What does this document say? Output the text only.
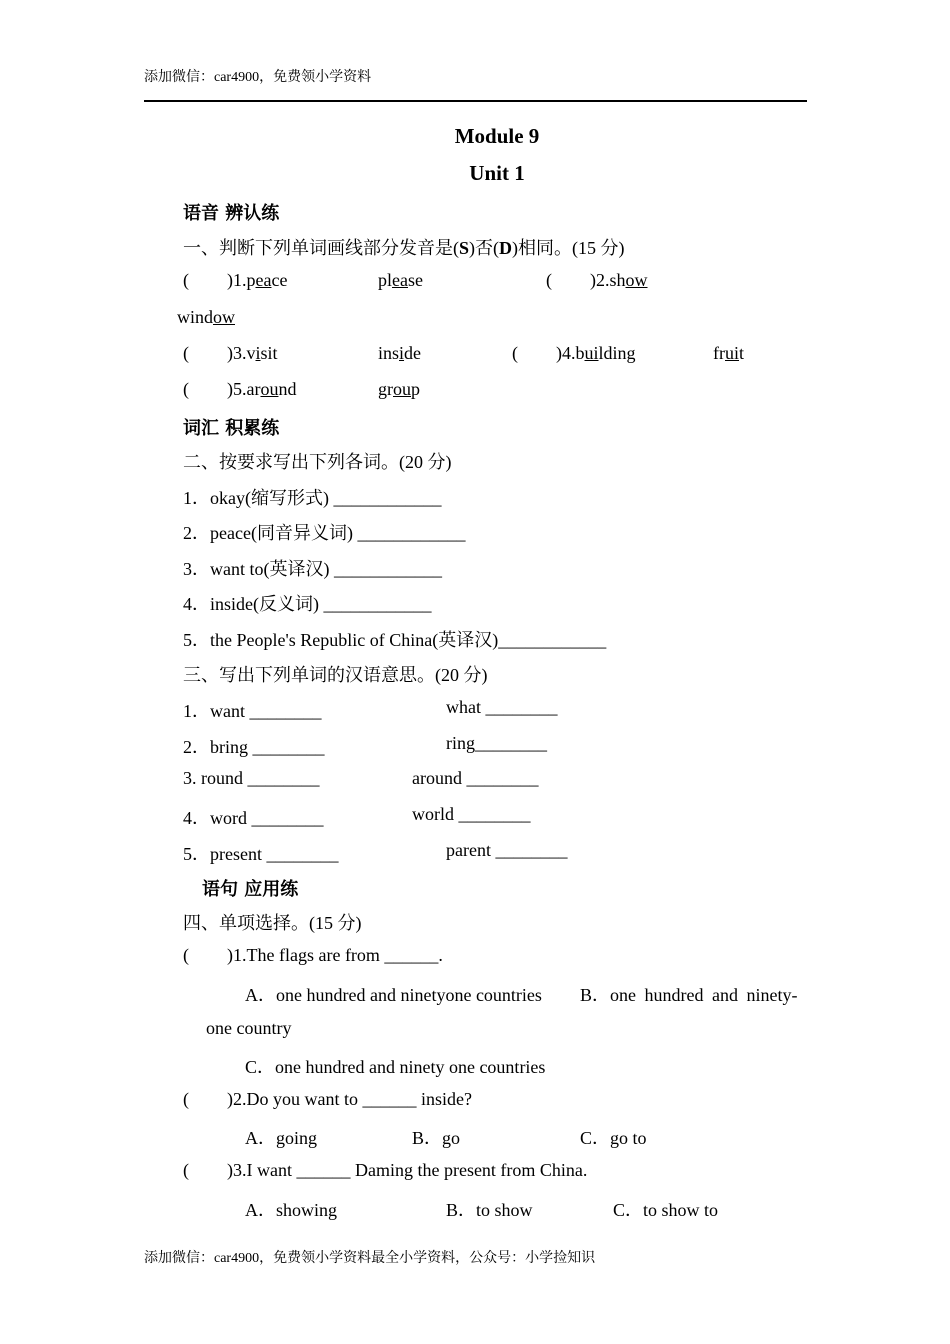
添加微信：car4900，免费领小学资料
Module 9
Unit 1
语音 辨认练
一、判断下列单词画线部分发音是(S)否(D)相同。(15 分)
( )1.peace	please	( )2.show
window
( )3.visit	inside	( )4.building	fruit
( )5.around	group
词汇 积累练
二、按要求写出下列各词。(20 分)
1．okay(缩写形式) ____________
2．peace(同音异义词) ____________
3．want to(英译汉) ____________
4．inside(反义词) ____________
5．the People's Republic of China(英译汉)____________
三、写出下列单词的汉语意思。(20 分)
1．want ________	what ________
2．bring ________	ring________
3. round ________	around ________
4．word ________	world ________
5．present ________	parent ________
语句 应用练
四、单项选择。(15 分)
( )1.The flags are from ______.
A．one hundred and ninetyone countries B．one hundred and ninety-
one country
C．one hundred and ninety one countries
( )2.Do you want to ______ inside?
A．going	B．go	C．go to
( )3.I want ______ Daming the present from China.
A．showing	B．to show	C．to show to
添加微信：car4900，免费领小学资料最全小学资料，公众号：小学捡知识
